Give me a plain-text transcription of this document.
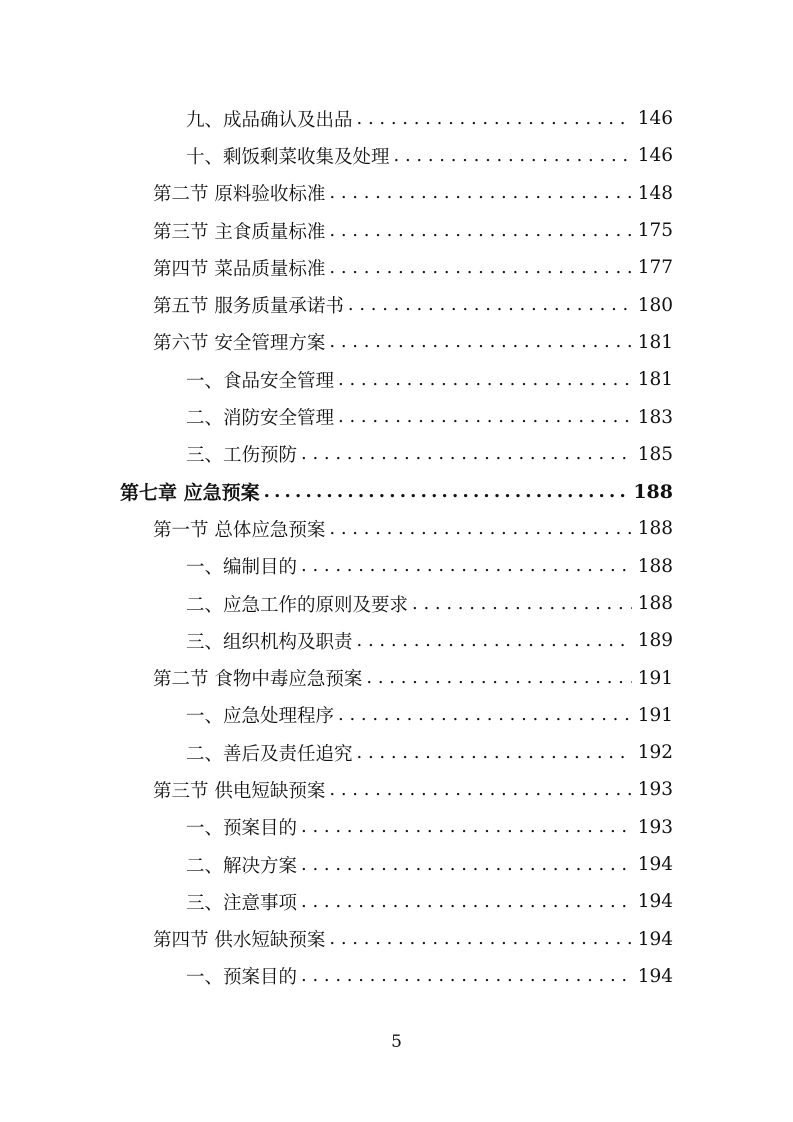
九、成品确认及出品 . . .	146
十、剩饭剩菜收集及处理 . . .	146
第二节 原料验收标准 . . .	148
第三节 主食质量标准 . . .	175
第四节 菜品质量标准 . . .	177
第五节 服务质量承诺书 . . .	180
第六节 安全管理方案 . . .	181
一、食品安全管理 . . .	181
二、消防安全管理 . . .	183
三、工伤预防 . . .	185
第七章 应急预案 .....	188
第一节 总体应急预案 . . .	188
一、编制目的 . . .	188
二、应急工作的原则及要求 . . .	188
三、组织机构及职责 . . .	189
第二节 食物中毒应急预案 . . .	191
一、应急处理程序 . . .	191
二、善后及责任追究 . . .	192
第三节 供电短缺预案 . . .	193
一、预案目的 . . .	193
二、解决方案 . . .	194
三、注意事项 . . .	194
第四节 供水短缺预案 . . .	194
一、预案目的 . . .	194
5
